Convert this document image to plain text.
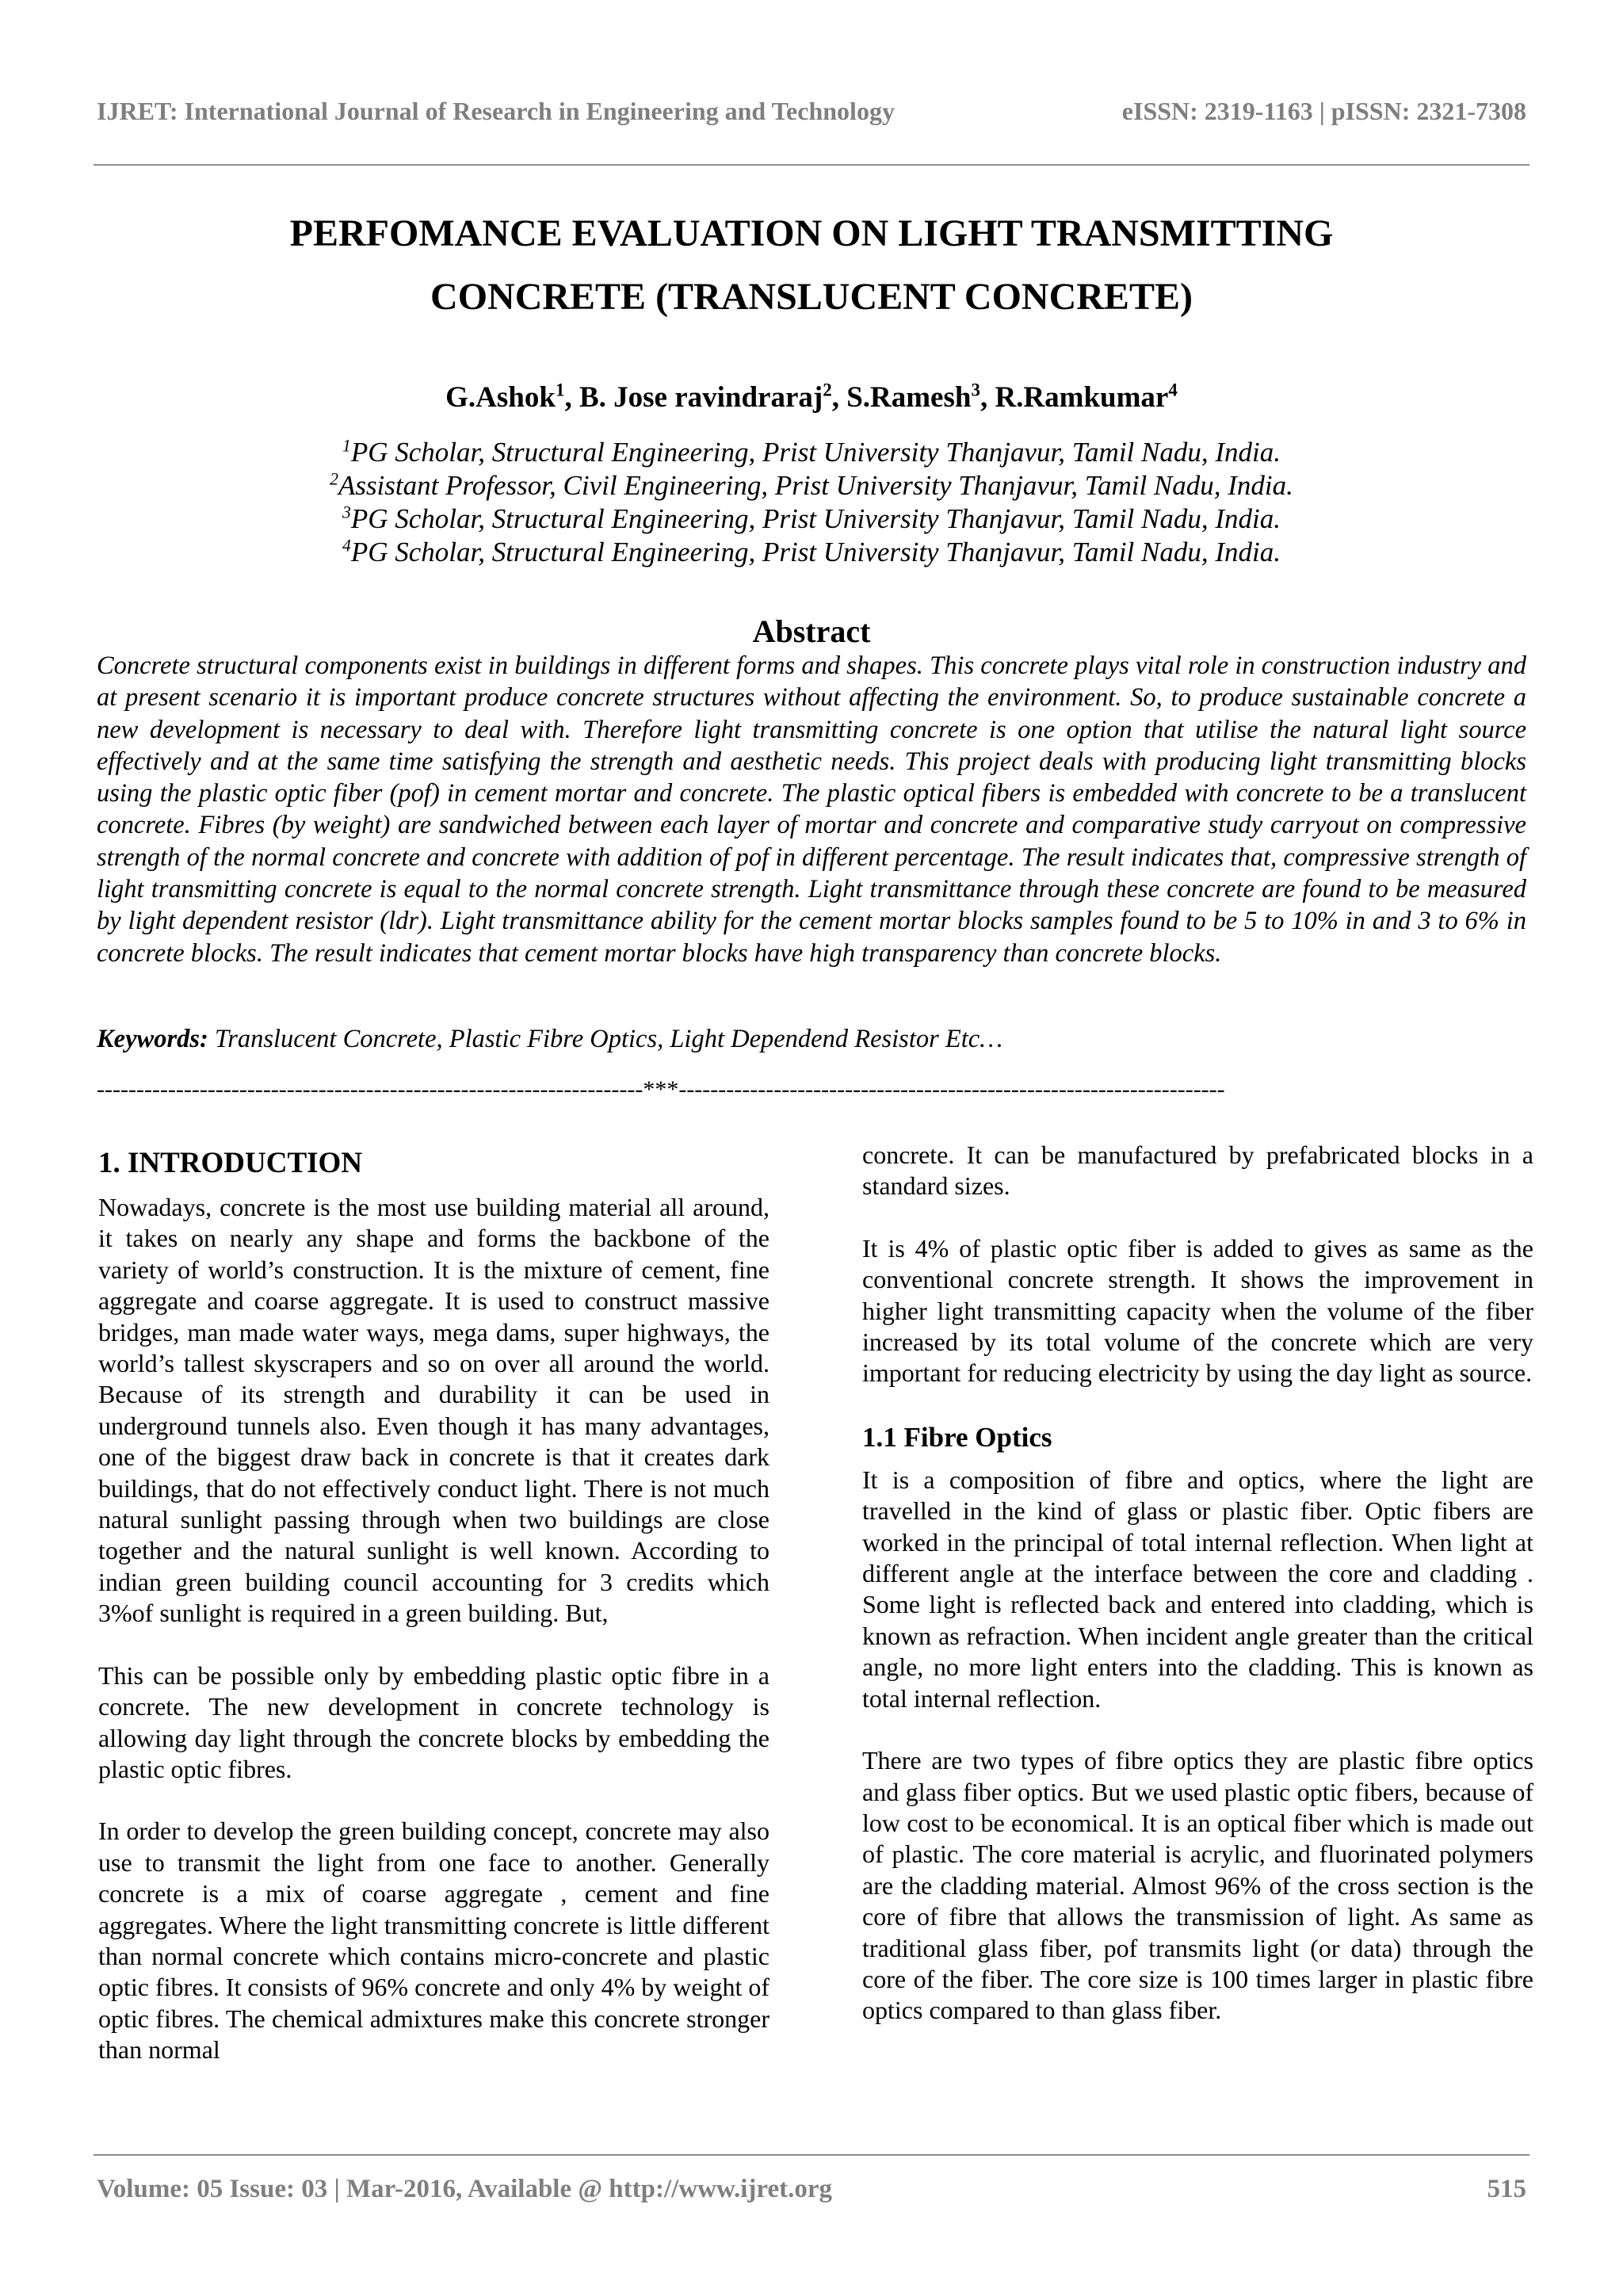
IJRET: International Journal of Research in Engineering and Technology	eISSN: 2319-1163 | pISSN: 2321-7308
PERFOMANCE EVALUATION ON LIGHT TRANSMITTING
CONCRETE (TRANSLUCENT CONCRETE)
G.Ashok$^1$, B. Jose ravindraraj$^2$, S.Ramesh$^3$, R.Ramkumar$^4$
$^1$PG Scholar, Structural Engineering, Prist University Thanjavur, Tamil Nadu, India.
$^2$Assistant Professor, Civil Engineering, Prist University Thanjavur, Tamil Nadu, India.
$^3$PG Scholar, Structural Engineering, Prist University Thanjavur, Tamil Nadu, India.
$^4$PG Scholar, Structural Engineering, Prist University Thanjavur, Tamil Nadu, India.
Abstract
Concrete structural components exist in buildings in different forms and shapes. This concrete plays vital role in construction industry and at present scenario it is important produce concrete structures without affecting the environment. So, to produce sustainable concrete a new development is necessary to deal with. Therefore light transmitting concrete is one option that utilise the natural light source effectively and at the same time satisfying the strength and aesthetic needs. This project deals with producing light transmitting blocks using the plastic optic fiber (pof) in cement mortar and concrete. The plastic optical fibers is embedded with concrete to be a translucent concrete. Fibres (by weight) are sandwiched between each layer of mortar and concrete and comparative study carryout on compressive strength of the normal concrete and concrete with addition of pof in different percentage. The result indicates that, compressive strength of light transmitting concrete is equal to the normal concrete strength. Light transmittance through these concrete are found to be measured by light dependent resistor (ldr). Light transmittance ability for the cement mortar blocks samples found to be 5 to 10% in and 3 to 6% in concrete blocks. The result indicates that cement mortar blocks have high transparency than concrete blocks.
Keywords: Translucent Concrete, Plastic Fibre Optics, Light Dependend Resistor Etc…
---------------------------------------------------------------------***---------------------------------------------------------------------
1. INTRODUCTION

Nowadays, concrete is the most use building material all around, it takes on nearly any shape and forms the backbone of the variety of world’s construction. It is the mixture of cement, fine aggregate and coarse aggregate. It is used to construct massive bridges, man made water ways, mega dams, super highways, the world’s tallest skyscrapers and so on over all around the world. Because of its strength and durability it can be used in underground tunnels also. Even though it has many advantages, one of the biggest draw back in concrete is that it creates dark buildings, that do not effectively conduct light. There is not much natural sunlight passing through when two buildings are close together and the natural sunlight is well known. According to indian green building council accounting for 3 credits which 3%of sunlight is required in a green building. But,

This can be possible only by embedding plastic optic fibre in a concrete. The new development in concrete technology is allowing day light through the concrete blocks by embedding the plastic optic fibres.

In order to develop the green building concept, concrete may also use to transmit the light from one face to another. Generally concrete is a mix of coarse aggregate , cement and fine aggregates. Where the light transmitting concrete is little different than normal concrete which contains micro-concrete and plastic optic fibres. It consists of 96% concrete and only 4% by weight of optic fibres. The chemical admixtures make this concrete stronger than normal

concrete. It can be manufactured by prefabricated blocks in a standard sizes.

It is 4% of plastic optic fiber is added to gives as same as the conventional concrete strength. It shows the improvement in higher light transmitting capacity when the volume of the fiber increased by its total volume of the concrete which are very important for reducing electricity by using the day light as source.

1.1 Fibre Optics

It is a composition of fibre and optics, where the light are travelled in the kind of glass or plastic fiber. Optic fibers are worked in the principal of total internal reflection. When light at different angle at the interface between the core and cladding . Some light is reflected back and entered into cladding, which is known as refraction. When incident angle greater than the critical angle, no more light enters into the cladding. This is known as total internal reflection.

There are two types of fibre optics they are plastic fibre optics and glass fiber optics. But we used plastic optic fibers, because of low cost to be economical. It is an optical fiber which is made out of plastic. The core material is acrylic, and fluorinated polymers are the cladding material. Almost 96% of the cross section is the core of fibre that allows the transmission of light. As same as traditional glass fiber, pof transmits light (or data) through the core of the fiber. The core size is 100 times larger in plastic fibre optics compared to than glass fiber.

Volume: 05 Issue: 03 | Mar-2016, Available @ http://www.ijret.org	515
